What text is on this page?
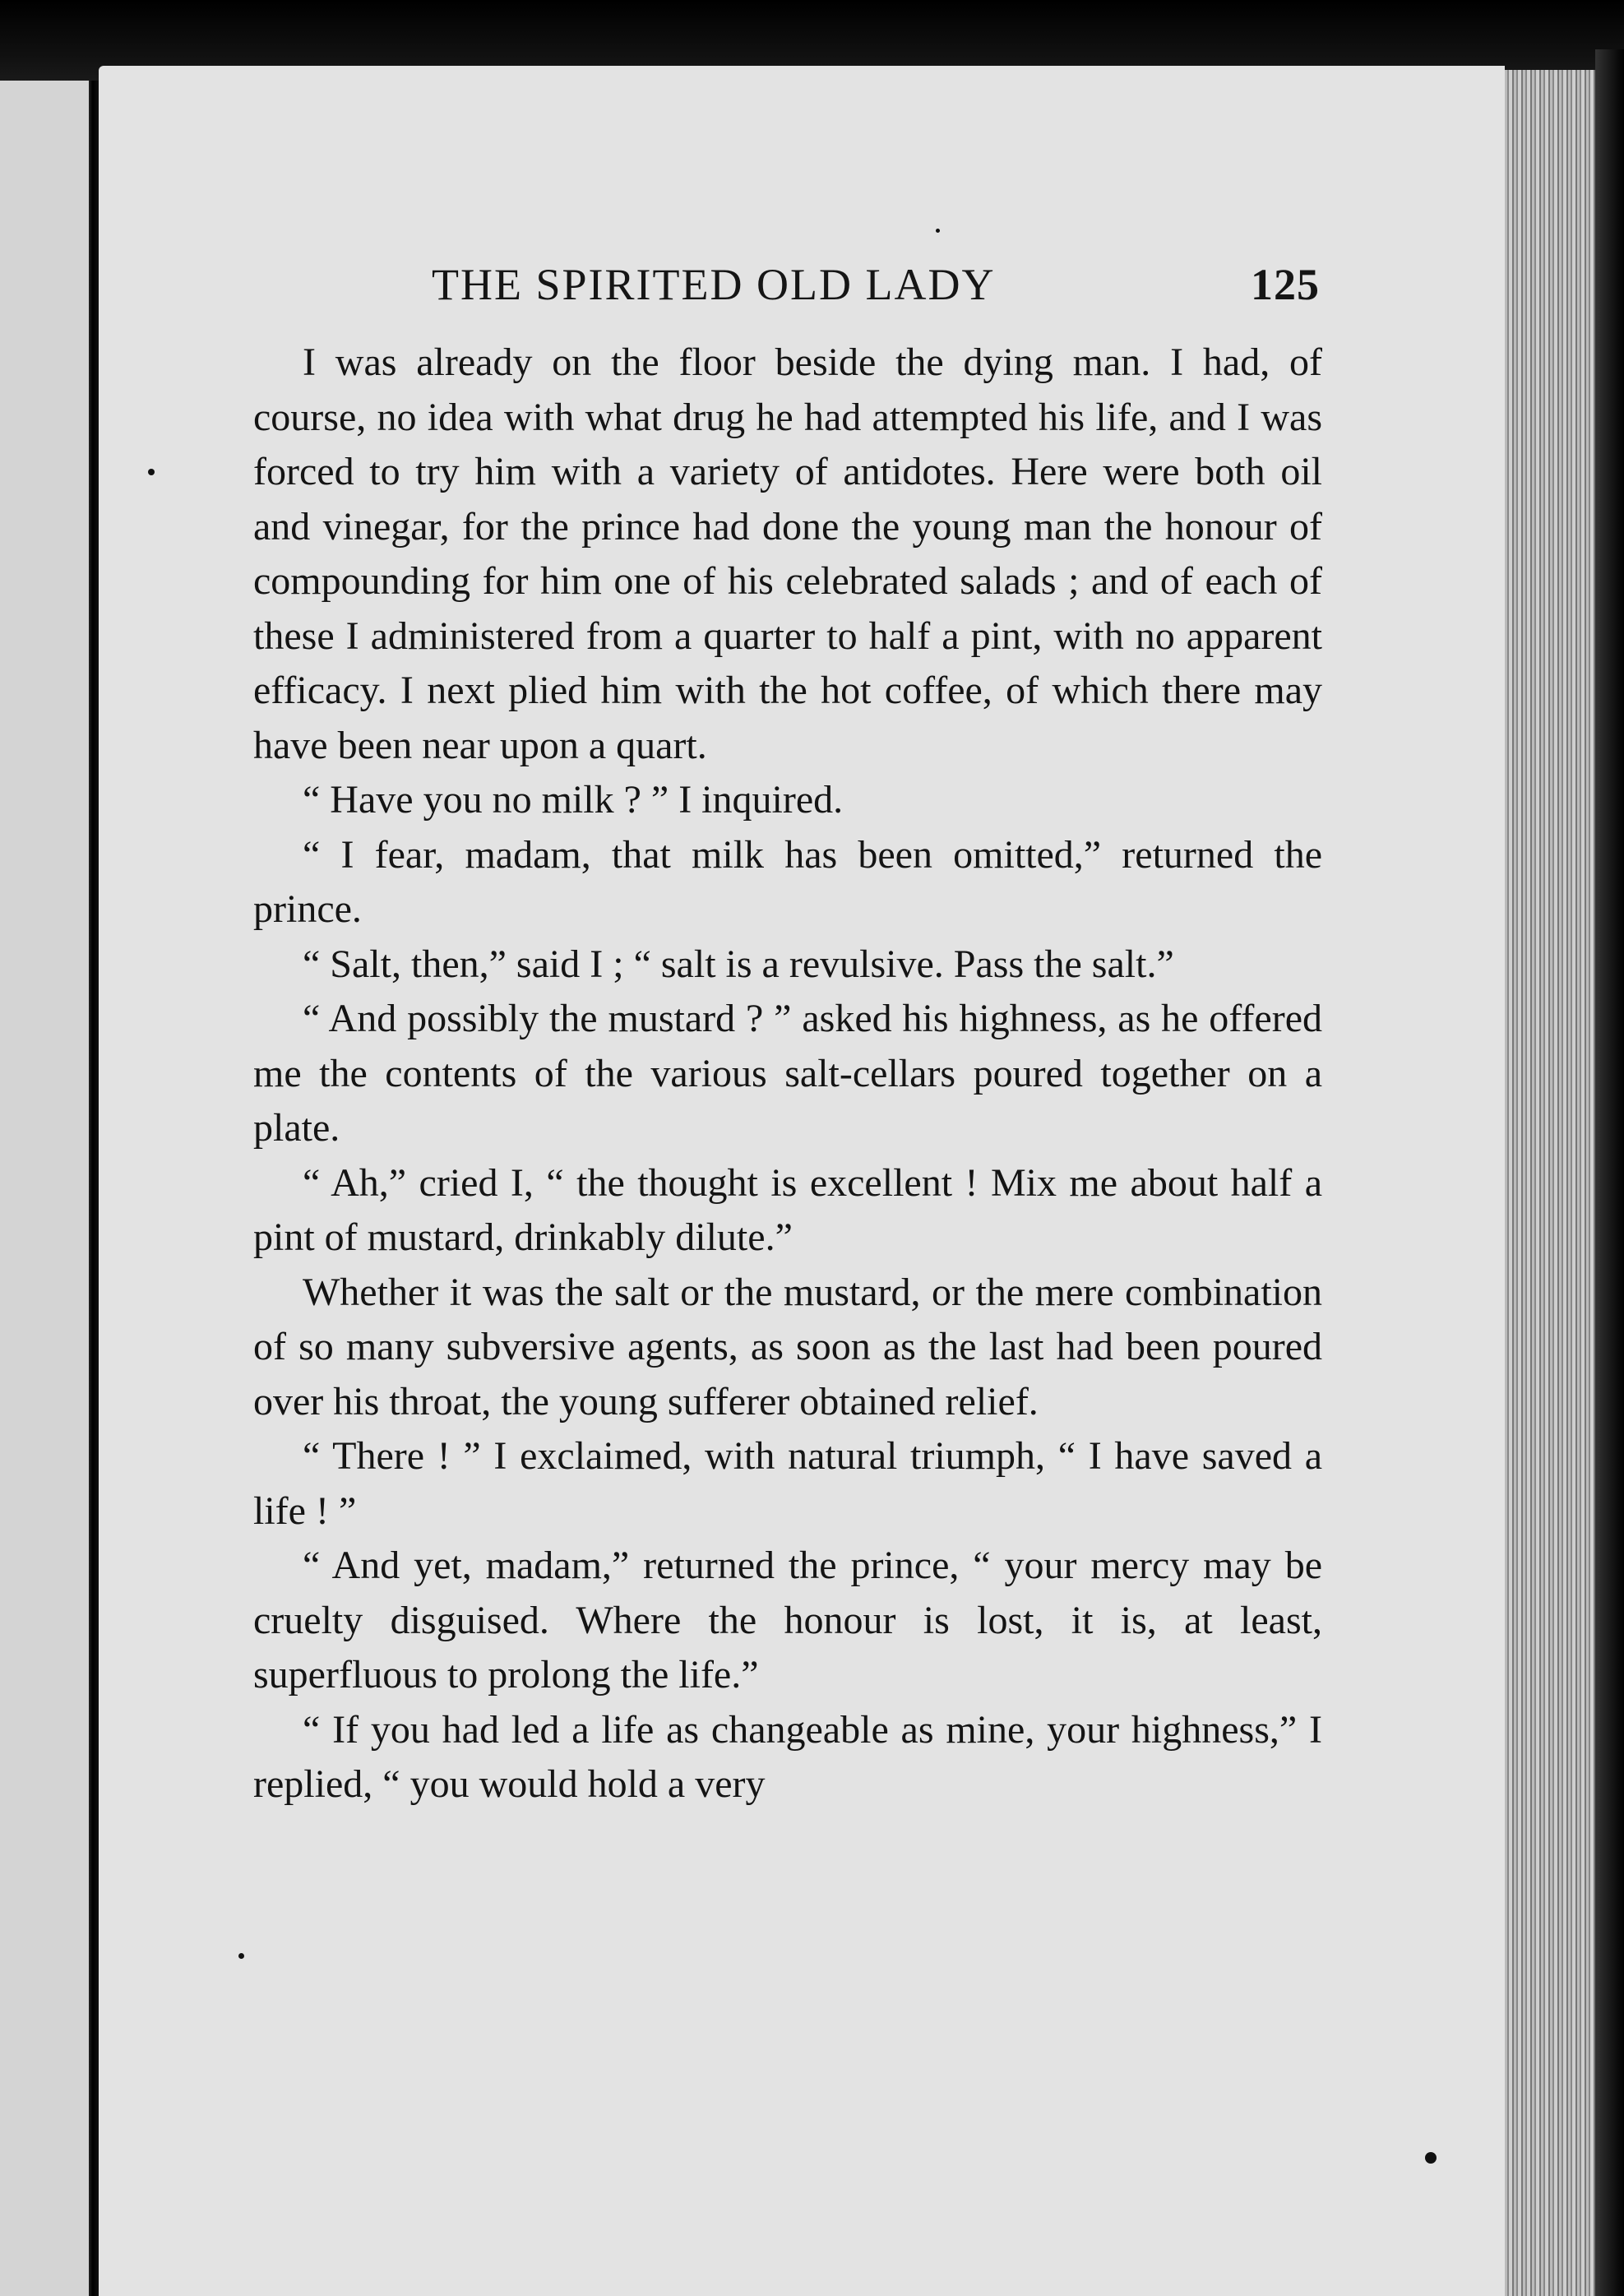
THE SPIRITED OLD LADY	125

I was already on the floor beside the dying man. I had, of course, no idea with what drug he had attempted his life, and I was forced to try him with a variety of antidotes. Here were both oil and vinegar, for the prince had done the young man the honour of compounding for him one of his celebrated salads ; and of each of these I administered from a quarter to half a pint, with no apparent efficacy. I next plied him with the hot coffee, of which there may have been near upon a quart.

“ Have you no milk ? ” I inquired.

“ I fear, madam, that milk has been omitted,” returned the prince.

“ Salt, then,” said I ; “ salt is a revulsive. Pass the salt.”

“ And possibly the mustard ? ” asked his highness, as he offered me the contents of the various salt-cellars poured together on a plate.

“ Ah,” cried I, “ the thought is excellent ! Mix me about half a pint of mustard, drinkably dilute.”

Whether it was the salt or the mustard, or the mere combination of so many subversive agents, as soon as the last had been poured over his throat, the young sufferer obtained relief.

“ There ! ” I exclaimed, with natural triumph, “ I have saved a life ! ”

“ And yet, madam,” returned the prince, “ your mercy may be cruelty disguised. Where the honour is lost, it is, at least, superfluous to prolong the life.”

“ If you had led a life as changeable as mine, your highness,” I replied, “ you would hold a very
